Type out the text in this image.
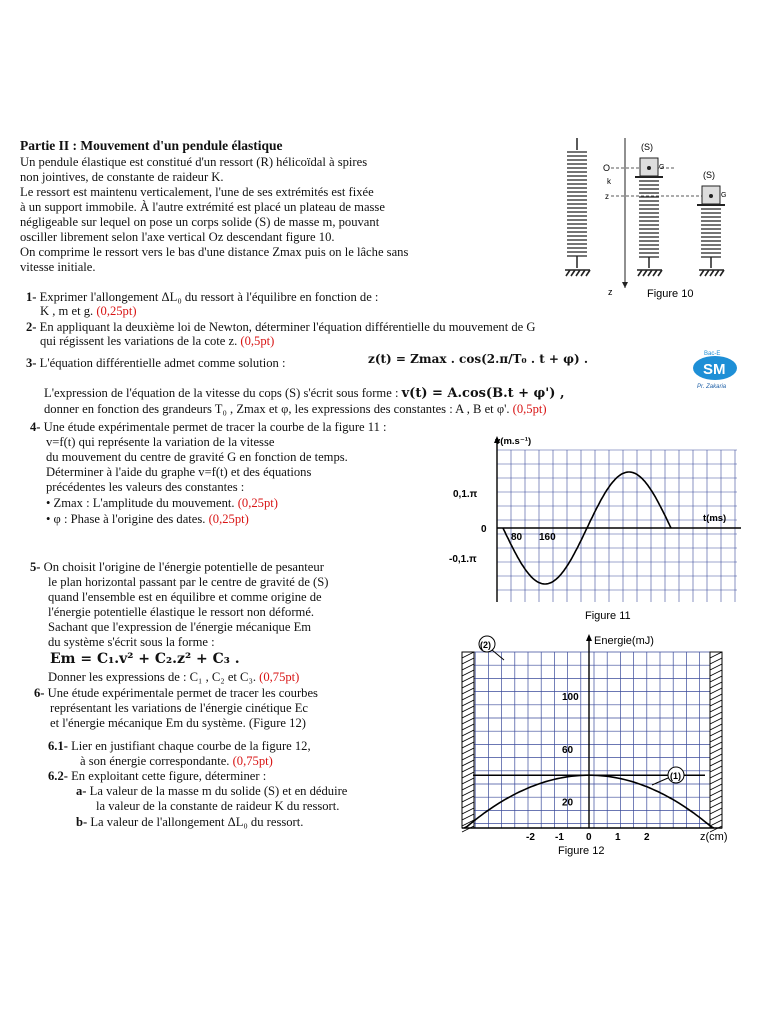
Partie II : Mouvement d'un pendule élastique
Un pendule élastique est constitué d'un ressort (R) hélicoïdal à spires
non jointives, de constante de raideur K.
Le ressort est maintenu verticalement, l'une de ses extrémités est fixée
à un support immobile. À l'autre extrémité est placé un plateau de masse
négligeable sur lequel on pose un corps solide (S) de masse m, pouvant
osciller librement selon l'axe vertical Oz descendant figure 10.
On comprime le ressort vers le bas d'une distance Zmax puis on le lâche sans
vitesse initiale.
(S)
(S)
O
k
z
G
G
z	Figure 10
1- Exprimer l'allongement ΔL₀ du ressort à l'équilibre en fonction de :
K , m et g. (0,25pt)
2- En appliquant la deuxième loi de Newton, déterminer l'équation différentielle du mouvement de G
qui régissent les variations de la cote z. (0,5pt)
3- L'équation différentielle admet comme solution :	z(t) = Zmax . cos(2.π/T₀ . t + φ) .	Bac-E
SM
Pr. Zakaria
L'expression de l'équation de la vitesse du cops (S) s'écrit sous forme : v(t) = A.cos(B.t + φ') ,
donner en fonction des grandeurs T₀ , Zmax et φ, les expressions des constantes : A , B et φ'. (0,5pt)
4- Une étude expérimentale permet de tracer la courbe de la figure 11 :
v=f(t) qui représente la variation de la vitesse
du mouvement du centre de gravité G en fonction de temps.
Déterminer à l'aide du graphe v=f(t) et des équations
précédentes les valeurs des constantes :
• Zmax : L'amplitude du mouvement. (0,25pt)
• φ : Phase à l'origine des dates. (0,25pt)
80 160
0,1.π
0
-0,1.π
v(m.s⁻¹)
t(ms)
Figure 11
5- On choisit l'origine de l'énergie potentielle de pesanteur
le plan horizontal passant par le centre de gravité de (S)
quand l'ensemble est en équilibre et comme origine de
l'énergie potentielle élastique le ressort non déformé.
Sachant que l'expression de l'énergie mécanique Em
du système s'écrit sous la forme :
Em = C₁.v² + C₂.z² + C₃ .
Donner les expressions de : C₁ , C₂ et C₃. (0,75pt)
6- Une étude expérimentale permet de tracer les courbes
représentant les variations de l'énergie cinétique Ec
et l'énergie mécanique Em du système. (Figure 12)
6.1- Lier en justifiant chaque courbe de la figure 12,
à son énergie correspondante. (0,75pt)
6.2- En exploitant cette figure, déterminer :
a- La valeur de la masse m du solide (S) et en déduire
la valeur de la constante de raideur K du ressort.
b- La valeur de l'allongement ΔL₀ du ressort.
(2)
(1)
100
60
20
-2 -1 0 1 2
Energie(mJ)
z(cm)
Figure 12
